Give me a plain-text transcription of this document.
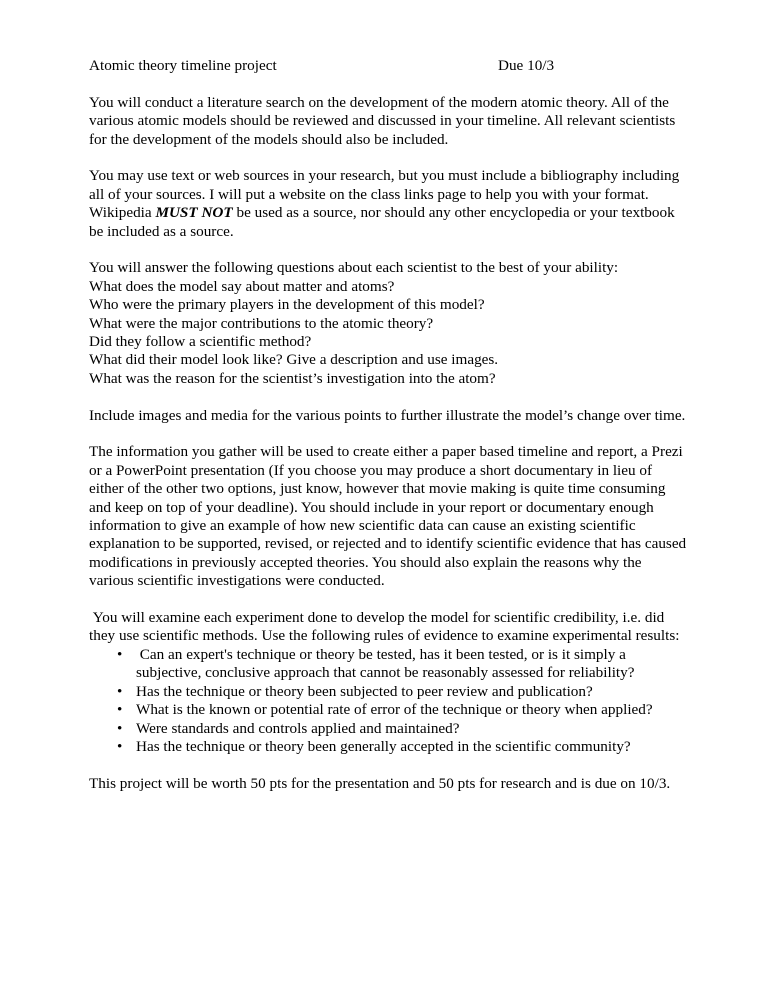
Atomic theory timeline project	Due 10/3

You will conduct a literature search on the development of the modern atomic theory. All of the various atomic models should be reviewed and discussed in your timeline. All relevant scientists for the development of the models should also be included.

You may use text or web sources in your research, but you must include a bibliography including all of your sources. I will put a website on the class links page to help you with your format. Wikipedia MUST NOT be used as a source, nor should any other encyclopedia or your textbook be included as a source.

You will answer the following questions about each scientist to the best of your ability:
What does the model say about matter and atoms?
Who were the primary players in the development of this model?
What were the major contributions to the atomic theory?
Did they follow a scientific method?
What did their model look like? Give a description and use images.
What was the reason for the scientist’s investigation into the atom?

Include images and media for the various points to further illustrate the model’s change over time.

The information you gather will be used to create either a paper based timeline and report, a Prezi or a PowerPoint presentation (If you choose you may produce a short documentary in lieu of either of the other two options, just know, however that movie making is quite time consuming and keep on top of your deadline). You should include in your report or documentary enough information to give an example of how new scientific data can cause an existing scientific explanation to be supported, revised, or rejected and to identify scientific evidence that has caused modifications in previously accepted theories. You should also explain the reasons why the various scientific investigations were conducted.

You will examine each experiment done to develop the model for scientific credibility, i.e. did they use scientific methods. Use the following rules of evidence to examine experimental results:
• Can an expert's technique or theory be tested, has it been tested, or is it simply a subjective, conclusive approach that cannot be reasonably assessed for reliability?
• Has the technique or theory been subjected to peer review and publication?
• What is the known or potential rate of error of the technique or theory when applied?
• Were standards and controls applied and maintained?
• Has the technique or theory been generally accepted in the scientific community?

This project will be worth 50 pts for the presentation and 50 pts for research and is due on 10/3.
